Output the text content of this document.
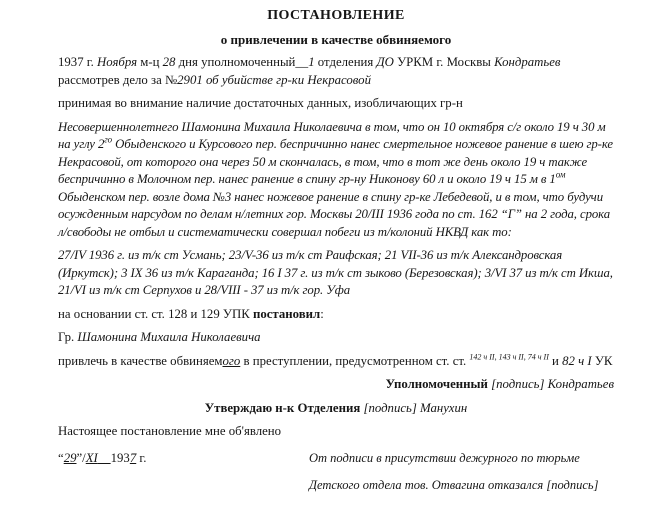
ПОСТАНОВЛЕНИЕ
о привлечении в качестве обвиняемого

1937 г. Ноября м-ц 28 дня уполномоченный__1 отделения ДО УРКМ г. Москвы Кондратьев рассмотрев дело за №2901 об убийстве гр-ки Некрасовой

принимая во внимание наличие достаточных данных, изобличающих гр-н

Несовершеннолетнего Шамонина Михаила Николаевича в том, что он 10 октября с/г около 19 ч 30 м на углу $2^{го}$ Обыденского и Курсового пер. беспричинно нанес смертельное ножевое ранение в шею гр-ке Некрасовой, от которого она через 50 м скончалась, в том, что в тот же день около 19 ч также беспричинно в Молочном пер. нанес ранение в спину гр-ну Никонову 60 л и около 19 ч 15 м в $1^{ом}$ Обыденском пер. возле дома №3 нанес ножевое ранение в спину гр-ке Лебедевой, и в том, что будучи осужденным нарсудом по делам н/летних гор. Москвы 20/III 1936 года по ст. 162 “Г” на 2 года, срока л/свободы не отбыл и систематически совершал побеги из т/колоний НКВД как то:

27/IV 1936 г. из т/к ст Усмань; 23/V-36 из т/к ст Раифская; 21 VII-36 из т/к Александровская (Иркутск); 3 IX 36 из т/к Караганда; 16 I 37 г. из т/к ст зыково (Березовская); 3/VI 37 из т/к ст Икша, 21/VI из т/к ст Серпухов и 28/VIII - 37 из т/к гор. Уфа

на основании ст. ст. 128 и 129 УПК постановил:

Гр. Шамонина Михаила Николаевича

привлечь в качестве обвиняемого в преступлении, предусмотренном ст. ст. $^{142 ч II, 143 ч II, 74 ч II}$ и 82 ч I УК

Уполномоченный [подпись] Кондратьев

Утверждаю н-к Отделения [подпись] Манухин

Настоящее постановление мне об'явлено

“29”/XI 1937 г.	От подписи в присутствии дежурного по тюрьме

Детского отдела тов. Отвагина отказался [подпись]
